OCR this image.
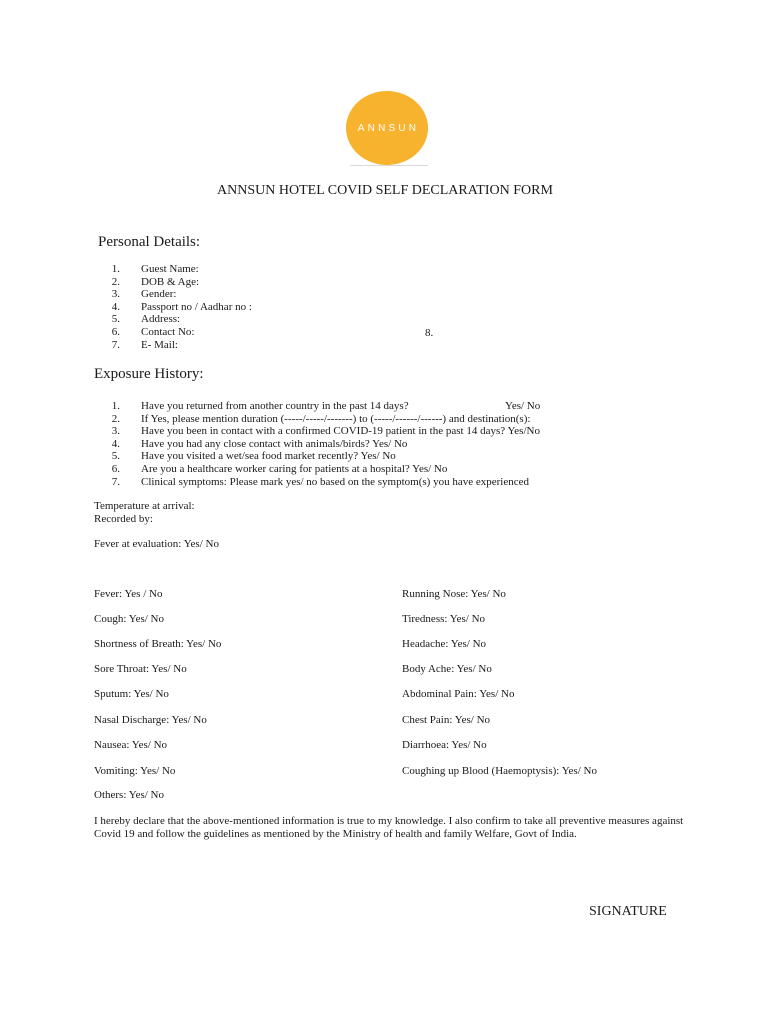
ANNSUN
ANNSUN HOTEL COVID SELF DECLARATION FORM
Personal Details:
1. Guest Name:
2. DOB & Age:
3. Gender:
4. Passport no / Aadhar no :
5. Address:
6. Contact No:
7. E- Mail:
8.
Exposure History:
1. Have you returned from another country in the past 14 days?
2. If Yes, please mention duration (-----/-----/-------) to (-----/------/------) and destination(s):
3. Have you been in contact with a confirmed COVID-19 patient in the past 14 days? Yes/No
4. Have you had any close contact with animals/birds? Yes/ No
5. Have you visited a wet/sea food market recently? Yes/ No
6. Are you a healthcare worker caring for patients at a hospital? Yes/ No
7. Clinical symptoms: Please mark yes/ no based on the symptom(s) you have experienced
Yes/ No
Temperature at arrival:
Recorded by:
Fever at evaluation: Yes/ No
Fever: Yes / No
Cough: Yes/ No
Shortness of Breath: Yes/ No
Sore Throat: Yes/ No
Sputum: Yes/ No
Nasal Discharge: Yes/ No
Nausea: Yes/ No
Vomiting: Yes/ No
Others: Yes/ No
Running Nose: Yes/ No
Tiredness: Yes/ No
Headache: Yes/ No
Body Ache: Yes/ No
Abdominal Pain: Yes/ No
Chest Pain: Yes/ No
Diarrhoea: Yes/ No
Coughing up Blood (Haemoptysis): Yes/ No
I hereby declare that the above-mentioned information is true to my knowledge. I also confirm to take all preventive measures against Covid 19 and follow the guidelines as mentioned by the Ministry of health and family Welfare, Govt of India.
SIGNATURE
